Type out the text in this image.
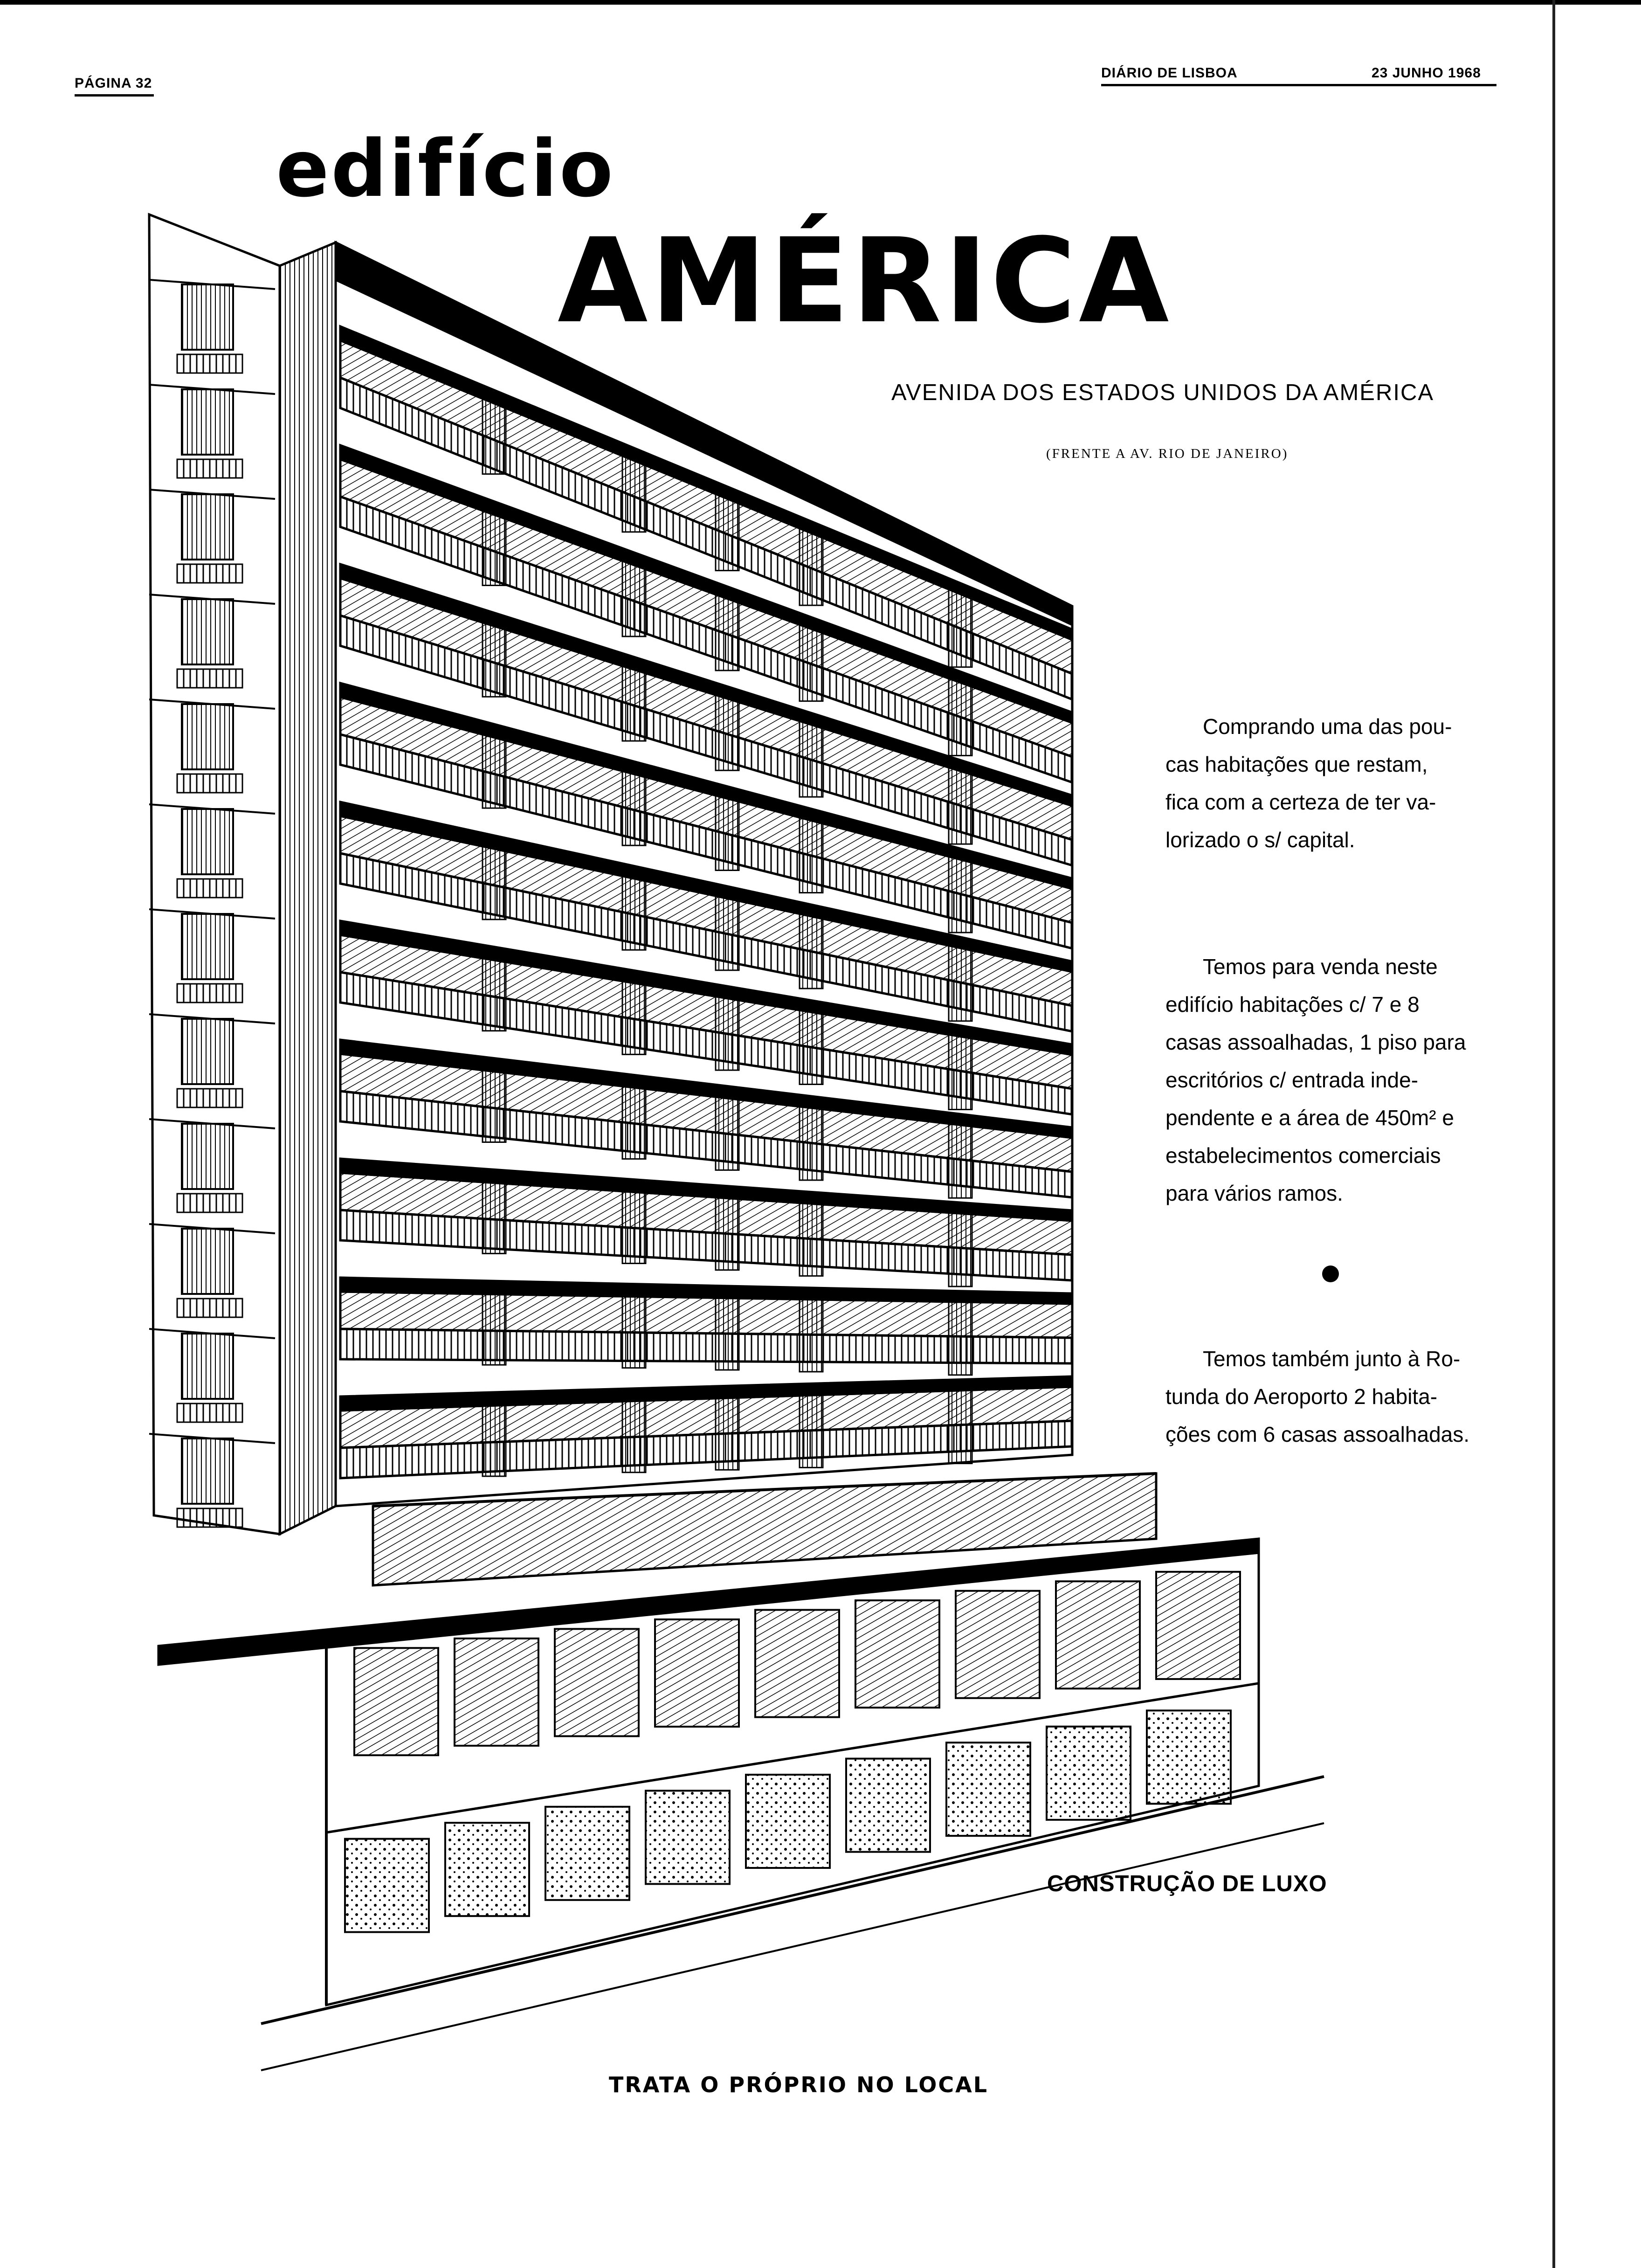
PÁGINA 32
DIÁRIO DE LISBOA	23 JUNHO 1968
edifício
AMÉRICA
AVENIDA DOS ESTADOS UNIDOS DA AMÉRICA
(FRENTE A AV. RIO DE JANEIRO)
Comprando uma das pou-
cas habitações que restam,
fica com a certeza de ter va-
lorizado o s/ capital.
Temos para venda neste
edifício habitações c/ 7 e 8
casas assoalhadas, 1 piso para
escritórios c/ entrada inde-
pendente e a área de 450m² e
estabelecimentos comerciais
para vários ramos.
Temos também junto à Ro-
tunda do Aeroporto 2 habita-
ções com 6 casas assoalhadas.
CONSTRUÇÃO DE LUXO
TRATA O PRÓPRIO NO LOCAL
